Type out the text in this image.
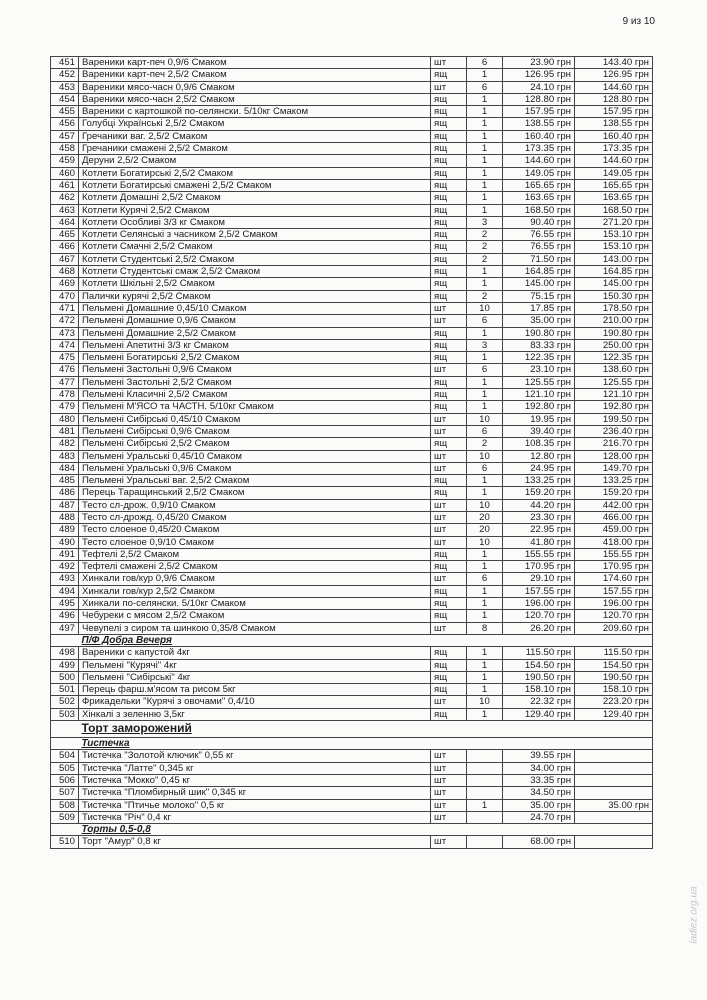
9 из 10
451	Вареники карт-печ 0,9/6 Смаком	шт	6	23.90 грн	143.40 грн
452	Вареники карт-печ 2,5/2 Смаком	ящ	1	126.95 грн	126.95 грн
453	Вареники мясо-часн 0,9/6 Смаком	шт	6	24.10 грн	144.60 грн
454	Вареники мясо-часн 2,5/2 Смаком	ящ	1	128.80 грн	128.80 грн
455	Вареники с картошкой по-селянски. 5/10кг Смаком	ящ	1	157.95 грн	157.95 грн
456	Голубці Українські 2,5/2 Смаком	ящ	1	138.55 грн	138.55 грн
457	Гречаники ваг. 2,5/2 Смаком	ящ	1	160.40 грн	160.40 грн
458	Гречаники смажені 2,5/2 Смаком	ящ	1	173.35 грн	173.35 грн
459	Деруни 2,5/2 Смаком	ящ	1	144.60 грн	144.60 грн
460	Котлети Богатирські 2,5/2 Смаком	ящ	1	149.05 грн	149.05 грн
461	Котлети Богатирські смажені 2,5/2 Смаком	ящ	1	165.65 грн	165.65 грн
462	Котлети Домашні 2,5/2 Смаком	ящ	1	163.65 грн	163.65 грн
463	Котлети Курячі 2,5/2 Смаком	ящ	1	168.50 грн	168.50 грн
464	Котлети Особливі 3/3 кг Смаком	ящ	3	90.40 грн	271.20 грн
465	Котлети Селянські з часником 2,5/2 Смаком	ящ	2	76.55 грн	153.10 грн
466	Котлети Смачні 2,5/2 Смаком	ящ	2	76.55 грн	153.10 грн
467	Котлети Студентські 2,5/2 Смаком	ящ	2	71.50 грн	143.00 грн
468	Котлети Студентські смаж 2,5/2 Смаком	ящ	1	164.85 грн	164.85 грн
469	Котлети Шкільні 2,5/2 Смаком	ящ	1	145.00 грн	145.00 грн
470	Палички курячі 2,5/2 Смаком	ящ	2	75.15 грн	150.30 грн
471	Пельмені Домашние 0,45/10 Смаком	шт	10	17.85 грн	178.50 грн
472	Пельмені Домашние 0,9/6 Смаком	шт	6	35.00 грн	210.00 грн
473	Пельмені Домашние 2,5/2 Смаком	ящ	1	190.80 грн	190.80 грн
474	Пельмені Апетитні 3/3 кг Смаком	ящ	3	83.33 грн	250.00 грн
475	Пельмені Богатирські 2,5/2 Смаком	ящ	1	122.35 грн	122.35 грн
476	Пельмені Застольні 0,9/6 Смаком	шт	6	23.10 грн	138.60 грн
477	Пельмені Застольні 2,5/2 Смаком	ящ	1	125.55 грн	125.55 грн
478	Пельмені Класичні 2,5/2 Смаком	ящ	1	121.10 грн	121.10 грн
479	Пельмені М'ЯСО та ЧАСТН. 5/10кг Смаком	ящ	1	192.80 грн	192.80 грн
480	Пельмені Сибірські 0,45/10 Смаком	шт	10	19.95 грн	199.50 грн
481	Пельмені Сибірські 0,9/6 Смаком	шт	6	39.40 грн	236.40 грн
482	Пельмені Сибірські 2,5/2 Смаком	ящ	2	108.35 грн	216.70 грн
483	Пельмені Уральські 0,45/10 Смаком	шт	10	12.80 грн	128.00 грн
484	Пельмені Уральські 0,9/6 Смаком	шт	6	24.95 грн	149.70 грн
485	Пельмені Уральські ваг. 2,5/2 Смаком	ящ	1	133.25 грн	133.25 грн
486	Перець Таращинський 2,5/2 Смаком	ящ	1	159.20 грн	159.20 грн
487	Тесто сл-дрож. 0,9/10 Смаком	шт	10	44.20 грн	442.00 грн
488	Тесто сл-дрожд. 0,45/20 Смаком	шт	20	23.30 грн	466.00 грн
489	Тесто слоеное 0,45/20 Смаком	шт	20	22.95 грн	459.00 грн
490	Тесто слоеное 0,9/10 Смаком	шт	10	41.80 грн	418.00 грн
491	Тефтелі 2,5/2 Смаком	ящ	1	155.55 грн	155.55 грн
492	Тефтелі смажені 2,5/2 Смаком	ящ	1	170.95 грн	170.95 грн
493	Хинкали гов/кур 0,9/6 Смаком	шт	6	29.10 грн	174.60 грн
494	Хинкали гов/кур 2,5/2 Смаком	ящ	1	157.55 грн	157.55 грн
495	Хинкали по-селянски. 5/10кг Смаком	ящ	1	196.00 грн	196.00 грн
496	Чебуреки с мясом 2,5/2 Смаком	ящ	1	120.70 грн	120.70 грн
497	Чевупелі з сиром та шинкою 0,35/8 Смаком	шт	8	26.20 грн	209.60 грн
	П/Ф Добра Вечеря				
498	Вареники с капустой 4кг	ящ	1	115.50 грн	115.50 грн
499	Пельмені "Курячі" 4кг	ящ	1	154.50 грн	154.50 грн
500	Пельмені "Сибірські" 4кг	ящ	1	190.50 грн	190.50 грн
501	Перець фарш.м'ясом та рисом 5кг	ящ	1	158.10 грн	158.10 грн
502	Фрикадельки "Курячі з овочами" 0,4/10	шт	10	22.32 грн	223.20 грн
503	Хінкалі з зеленню 3,5кг	ящ	1	129.40 грн	129.40 грн
	Торт заморожений				
	Тистечка				
504	Тистечка "Золотой ключик" 0,55 кг	шт		39.55 грн	
505	Тистечка "Латте" 0,345 кг	шт		34.00 грн	
506	Тистечка "Мокко" 0,45 кг	шт		33.35 грн	
507	Тистечка "Пломбирный шик" 0,345 кг	шт		34.50 грн	
508	Тистечка "Птичье молоко" 0,5 кг	шт	1	35.00 грн	35.00 грн
509	Тистечка "Річ" 0,4 кг	шт		24.70 грн	
	Торты 0,5-0,8				
510	Торт "Амур" 0,8 кг	шт		68.00 грн	
ladiez.org.ua
